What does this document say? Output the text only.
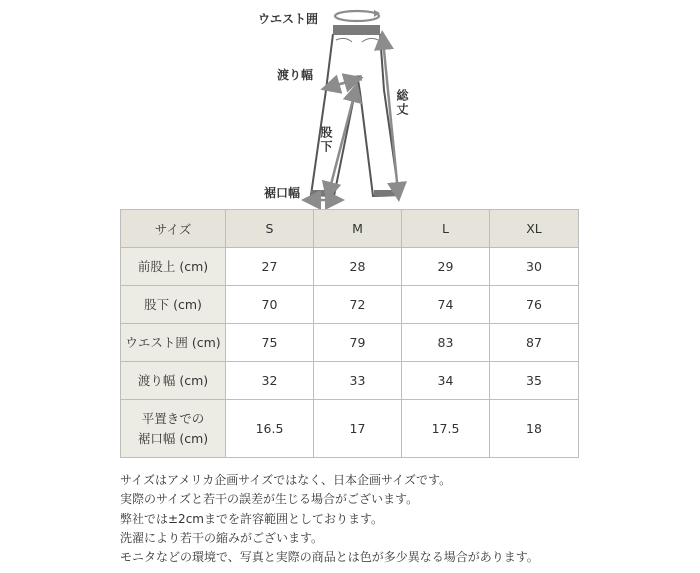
ウエスト囲
渡り幅
股下
裾口幅
総丈
サイズ	S	M	L	XL
前股上 (cm)	27	28	29	30
股下 (cm)	70	72	74	76
ウエスト囲 (cm)	75	79	83	87
渡り幅 (cm)	32	33	34	35
平置きでの
裾口幅 (cm)	16.5	17	17.5	18
サイズはアメリカ企画サイズではなく、日本企画サイズです。
実際のサイズと若干の誤差が生じる場合がございます。
弊社では±2cmまでを許容範囲としております。
洗濯により若干の縮みがございます。
モニタなどの環境で、写真と実際の商品とは色が多少異なる場合があります。
